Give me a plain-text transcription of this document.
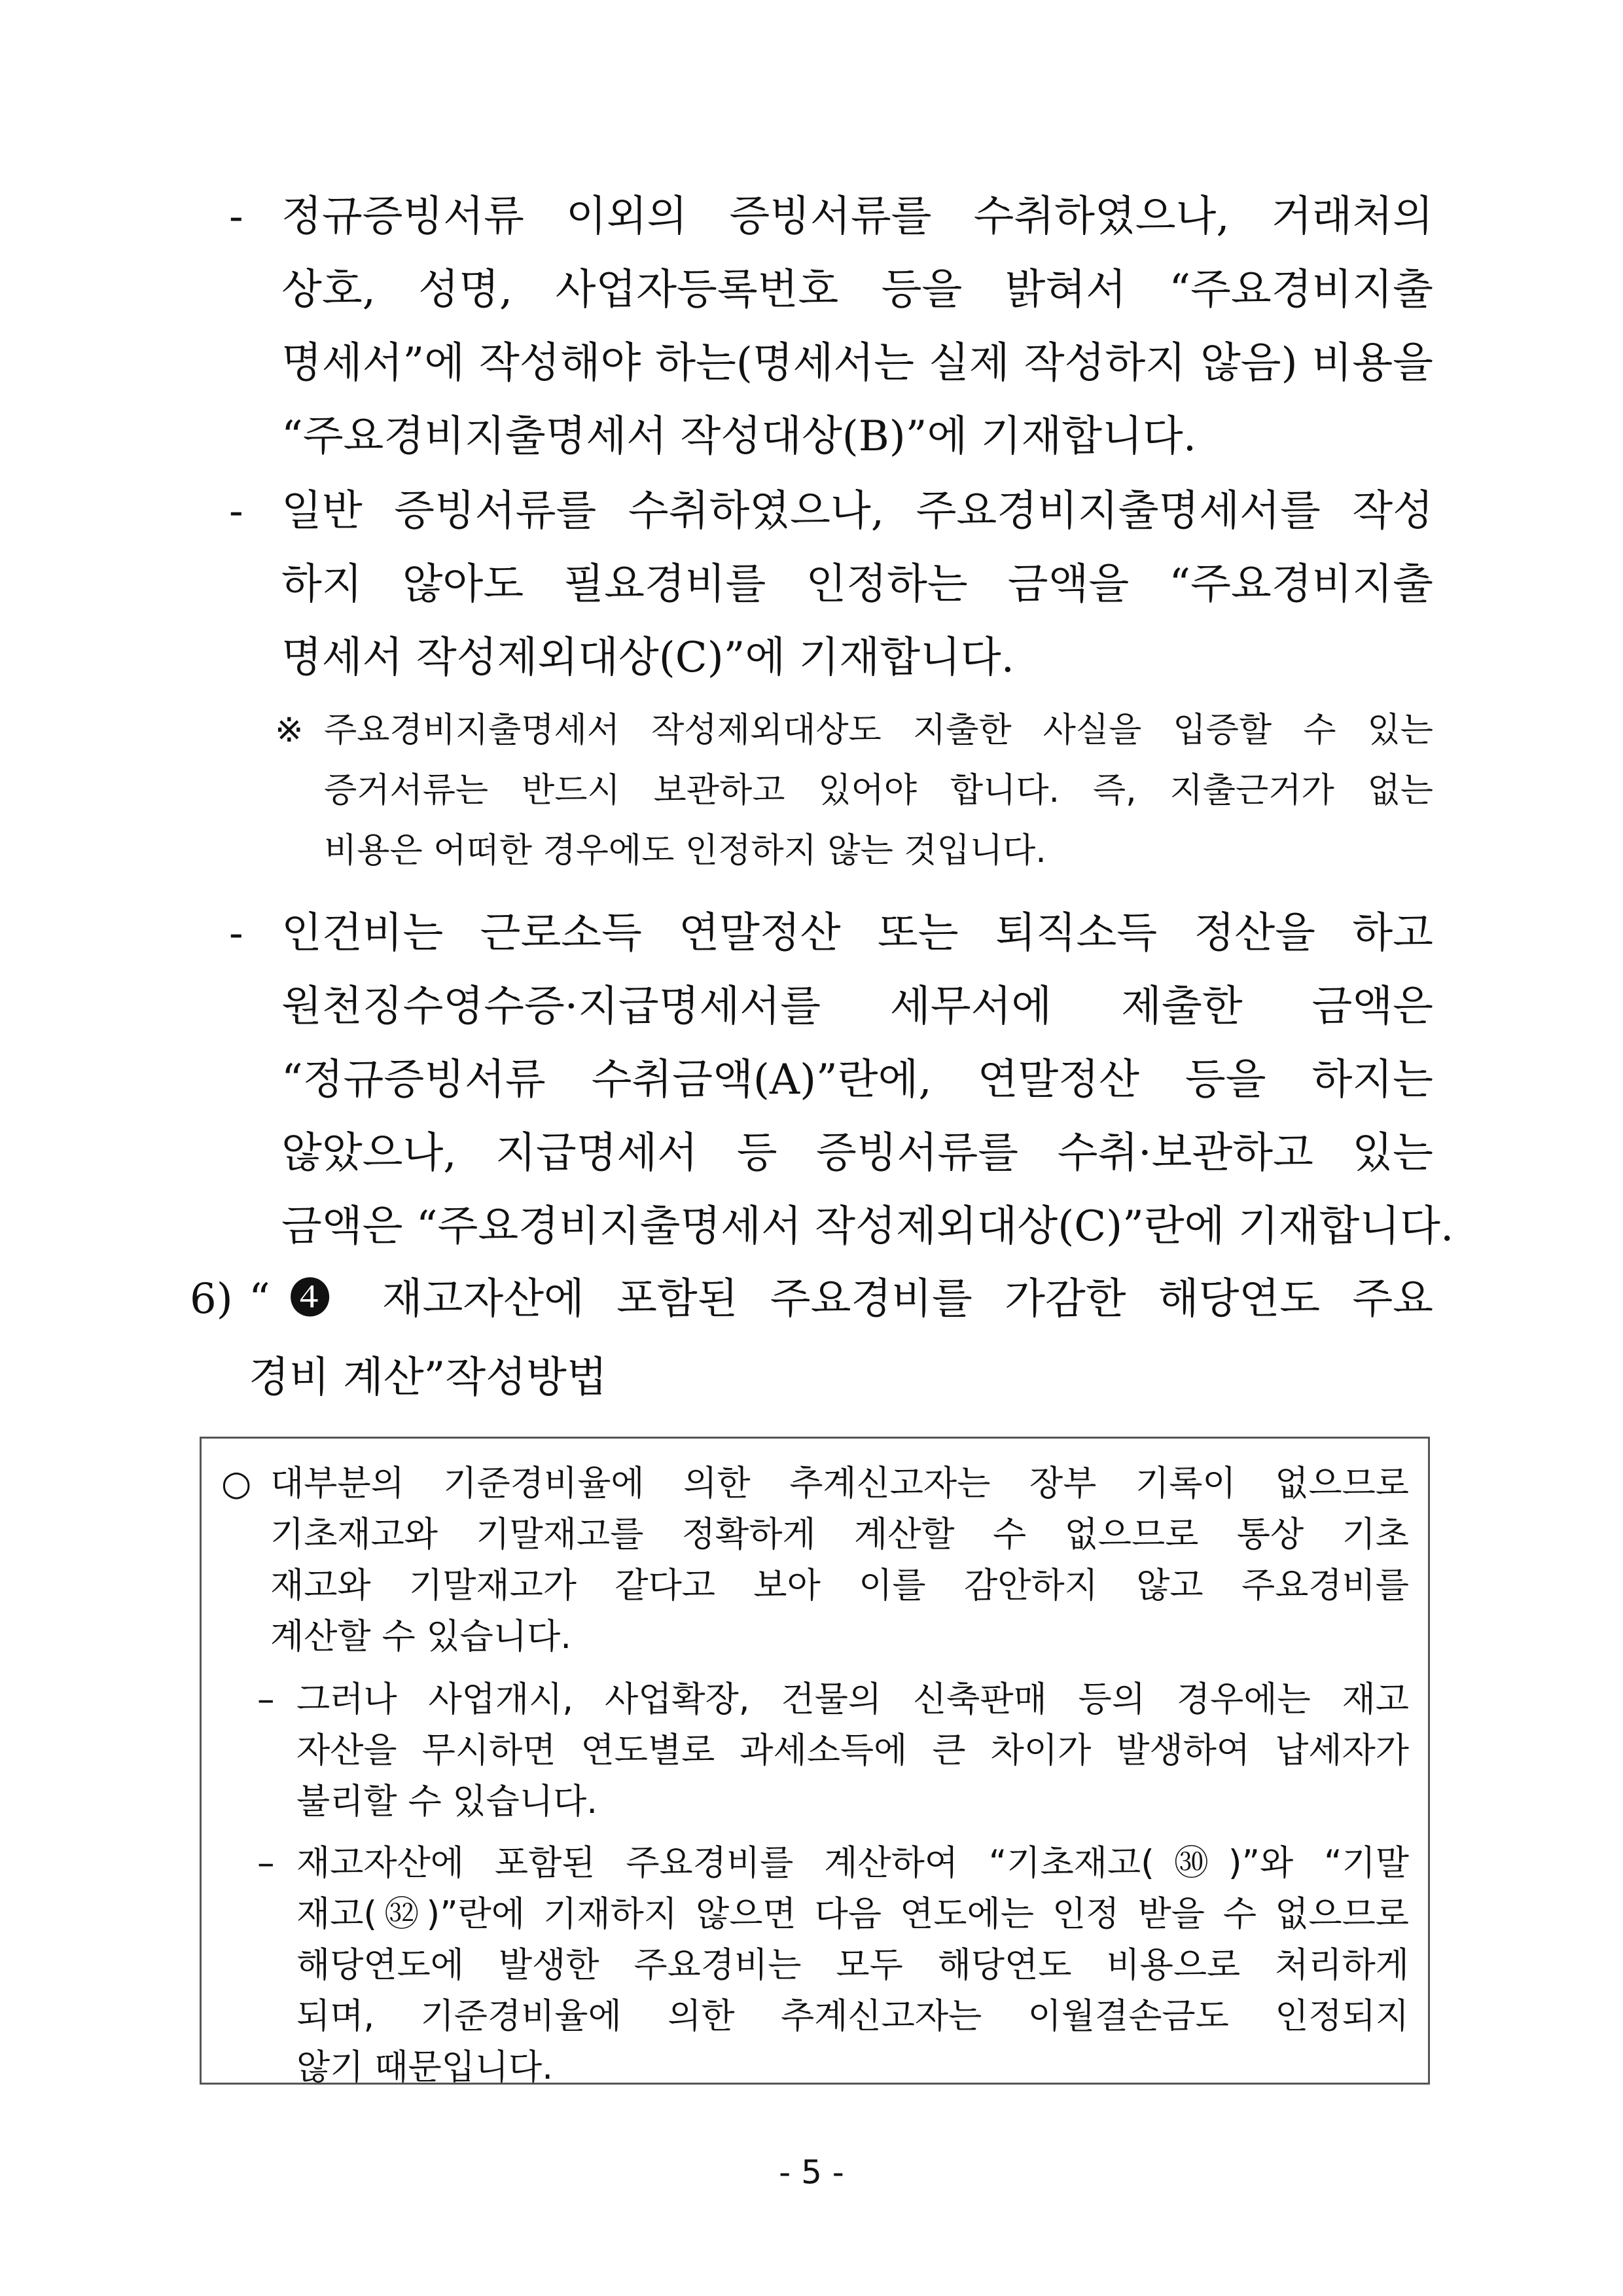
- 정규증빙서류 이외의 증빙서류를 수취하였으나, 거래처의
상호, 성명, 사업자등록번호 등을 밝혀서 “주요경비지출
명세서”에 작성해야 하는(명세서는 실제 작성하지 않음) 비용을
“주요경비지출명세서 작성대상(B)”에 기재합니다.
- 일반 증빙서류를 수취하였으나, 주요경비지출명세서를 작성
하지 않아도 필요경비를 인정하는 금액을 “주요경비지출
명세서 작성제외대상(C)”에 기재합니다.
※ 주요경비지출명세서 작성제외대상도 지출한 사실을 입증할 수 있는
증거서류는 반드시 보관하고 있어야 합니다. 즉, 지출근거가 없는
비용은 어떠한 경우에도 인정하지 않는 것입니다.
- 인건비는 근로소득 연말정산 또는 퇴직소득 정산을 하고
원천징수영수증·지급명세서를 세무서에 제출한 금액은
“정규증빙서류 수취금액(A)”란에, 연말정산 등을 하지는
않았으나, 지급명세서 등 증빙서류를 수취·보관하고 있는
금액은 “주요경비지출명세서 작성제외대상(C)”란에 기재합니다.
6) “❹ 재고자산에 포함된 주요경비를 가감한 해당연도 주요
경비 계산”작성방법
○ 대부분의 기준경비율에 의한 추계신고자는 장부 기록이 없으므로
기초재고와 기말재고를 정확하게 계산할 수 없으므로 통상 기초
재고와 기말재고가 같다고 보아 이를 감안하지 않고 주요경비를
계산할 수 있습니다.
– 그러나 사업개시, 사업확장, 건물의 신축판매 등의 경우에는 재고
자산을 무시하면 연도별로 과세소득에 큰 차이가 발생하여 납세자가
불리할 수 있습니다.
– 재고자산에 포함된 주요경비를 계산하여 “기초재고(㉚)”와 “기말
재고(㉜)”란에 기재하지 않으면 다음 연도에는 인정 받을 수 없으므로
해당연도에 발생한 주요경비는 모두 해당연도 비용으로 처리하게
되며, 기준경비율에 의한 추계신고자는 이월결손금도 인정되지
않기 때문입니다.
- 5 -
